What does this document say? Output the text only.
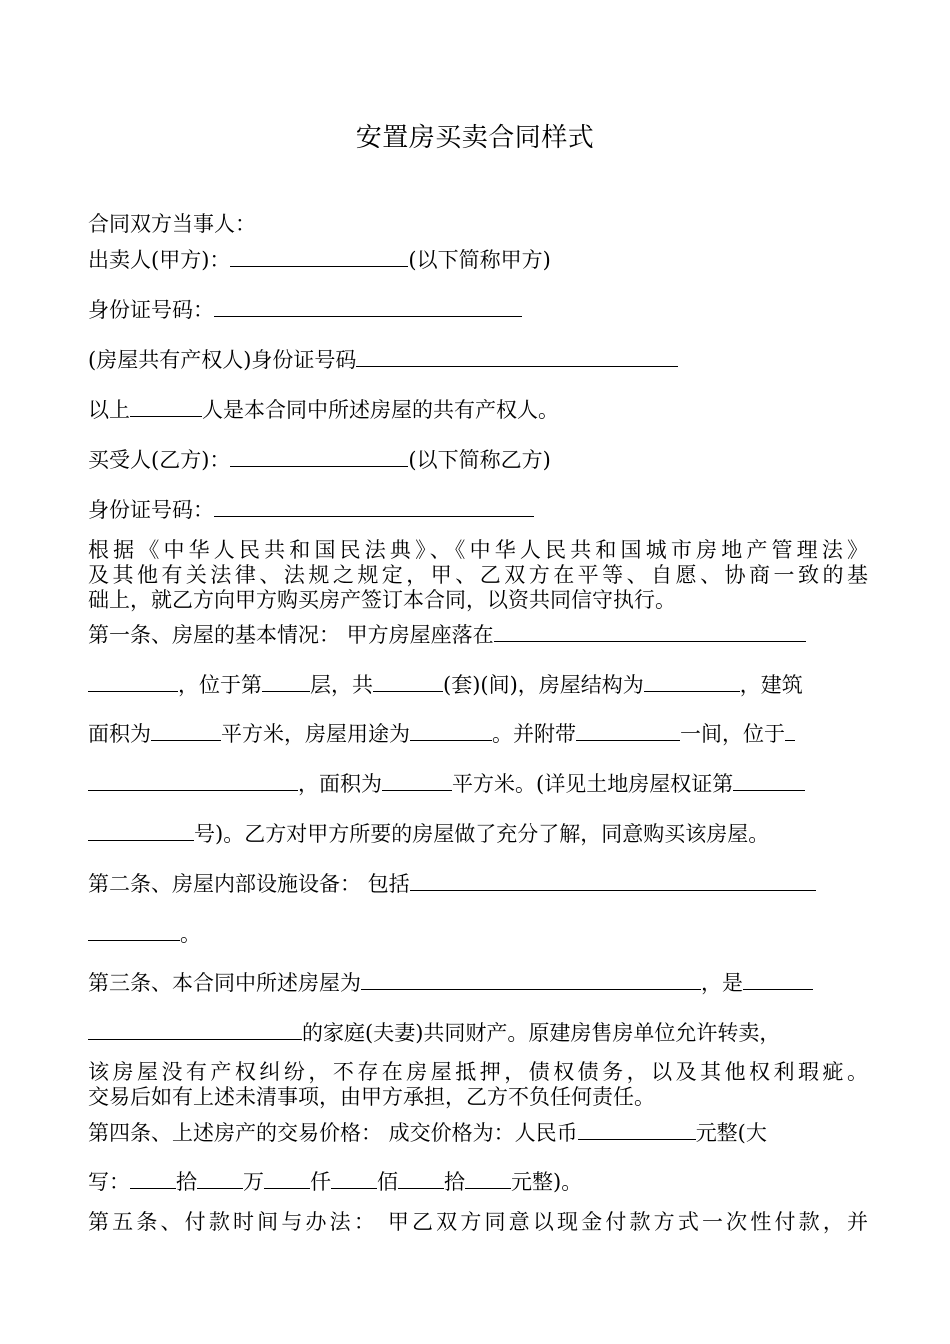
安置房买卖合同样式
合同双方当事人：
出卖人(甲方)：	(以下简称甲方)
身份证号码：
(房屋共有产权人)身份证号码
以上	人是本合同中所述房屋的共有产权人。
买受人(乙方)：	(以下简称乙方)
身份证号码：
根据《中华人民共和国民法典》、《中华人民共和国城市房地产管理法》
及其他有关法律、法规之规定，甲、乙双方在平等、自愿、协商一致的基
础上，就乙方向甲方购买房产签订本合同，以资共同信守执行。
第一条、房屋的基本情况： 甲方房屋座落在
，位于第 层，共	(套)(间)，房屋结构为	，建筑
面积为	平方米，房屋用途为	。并附带	一间，位于
，面积为	平方米。(详见土地房屋权证第
号)。乙方对甲方所要的房屋做了充分了解，同意购买该房屋。
第二条、房屋内部设施设备： 包括
。
第三条、本合同中所述房屋为	，是
的家庭(夫妻)共同财产。原建房售房单位允许转卖，
该房屋没有产权纠纷，不存在房屋抵押，债权债务，以及其他权利瑕疵。
交易后如有上述未清事项，由甲方承担，乙方不负任何责任。
第四条、上述房产的交易价格： 成交价格为：人民币	元整(大
写： 拾 万 仟 佰 拾 元整)。
第五条、付款时间与办法： 甲乙双方同意以现金付款方式一次性付款，并
